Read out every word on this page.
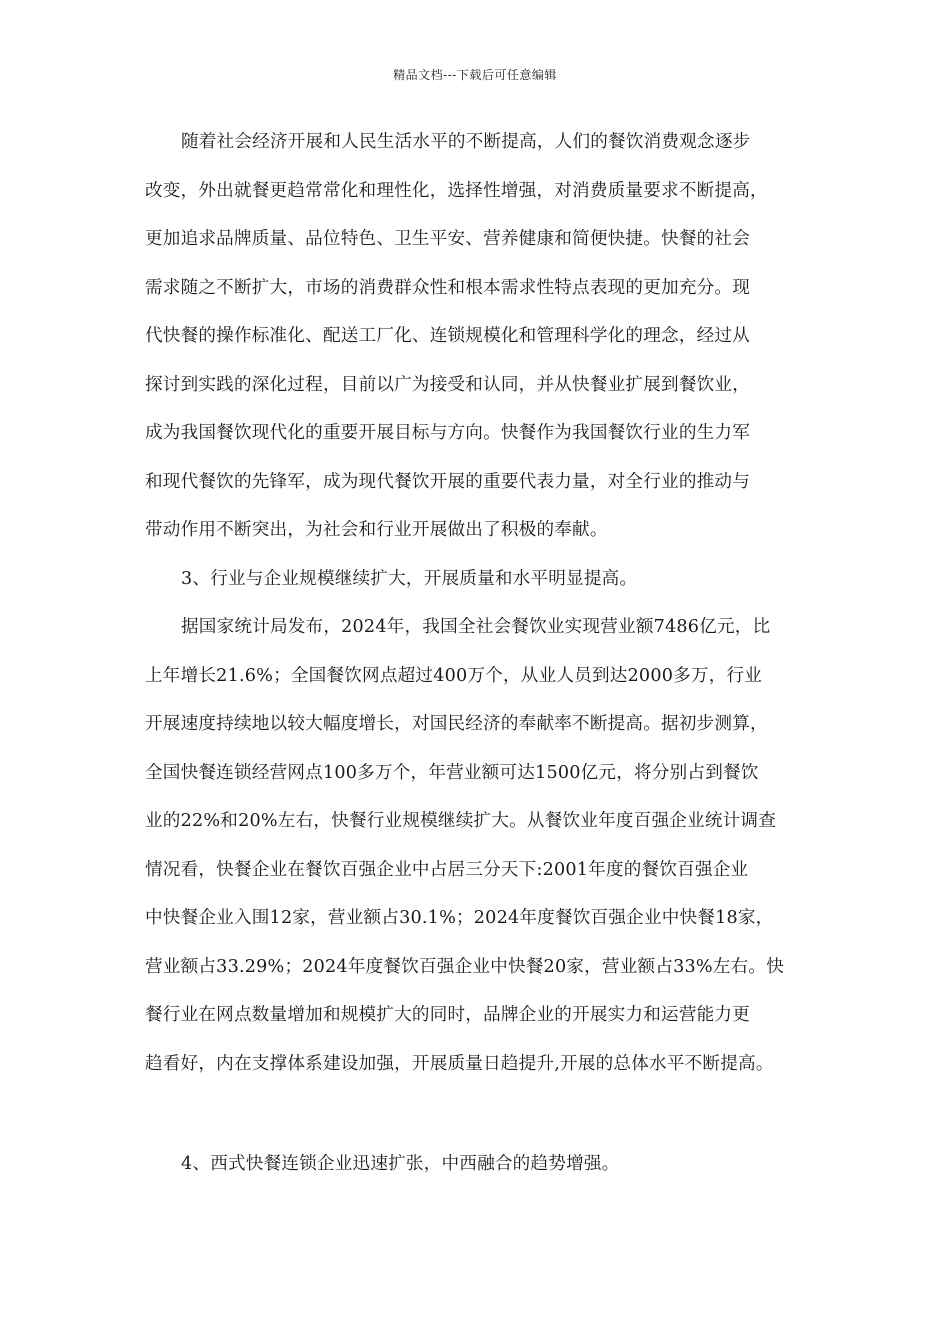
精品文档---下载后可任意编辑
随着社会经济开展和人民生活水平的不断提高，人们的餐饮消费观念逐步
改变，外出就餐更趋常常化和理性化，选择性增强，对消费质量要求不断提高，
更加追求品牌质量、品位特色、卫生平安、营养健康和简便快捷。快餐的社会
需求随之不断扩大，市场的消费群众性和根本需求性特点表现的更加充分。现
代快餐的操作标准化、配送工厂化、连锁规模化和管理科学化的理念，经过从
探讨到实践的深化过程，目前以广为接受和认同，并从快餐业扩展到餐饮业，
成为我国餐饮现代化的重要开展目标与方向。快餐作为我国餐饮行业的生力军
和现代餐饮的先锋军，成为现代餐饮开展的重要代表力量，对全行业的推动与
带动作用不断突出，为社会和行业开展做出了积极的奉献。
3、行业与企业规模继续扩大，开展质量和水平明显提高。
据国家统计局发布，2024年，我国全社会餐饮业实现营业额7486亿元，比
上年增长21.6%；全国餐饮网点超过400万个，从业人员到达2000多万，行业
开展速度持续地以较大幅度增长，对国民经济的奉献率不断提高。据初步测算，
全国快餐连锁经营网点100多万个，年营业额可达1500亿元，将分别占到餐饮
业的22%和20%左右，快餐行业规模继续扩大。从餐饮业年度百强企业统计调查
情况看，快餐企业在餐饮百强企业中占居三分天下:2001年度的餐饮百强企业
中快餐企业入围12家，营业额占30.1%；2024年度餐饮百强企业中快餐18家，
营业额占33.29%；2024年度餐饮百强企业中快餐20家，营业额占33%左右。快
餐行业在网点数量增加和规模扩大的同时，品牌企业的开展实力和运营能力更
趋看好，内在支撑体系建设加强，开展质量日趋提升,开展的总体水平不断提高。
4、西式快餐连锁企业迅速扩张，中西融合的趋势增强。
